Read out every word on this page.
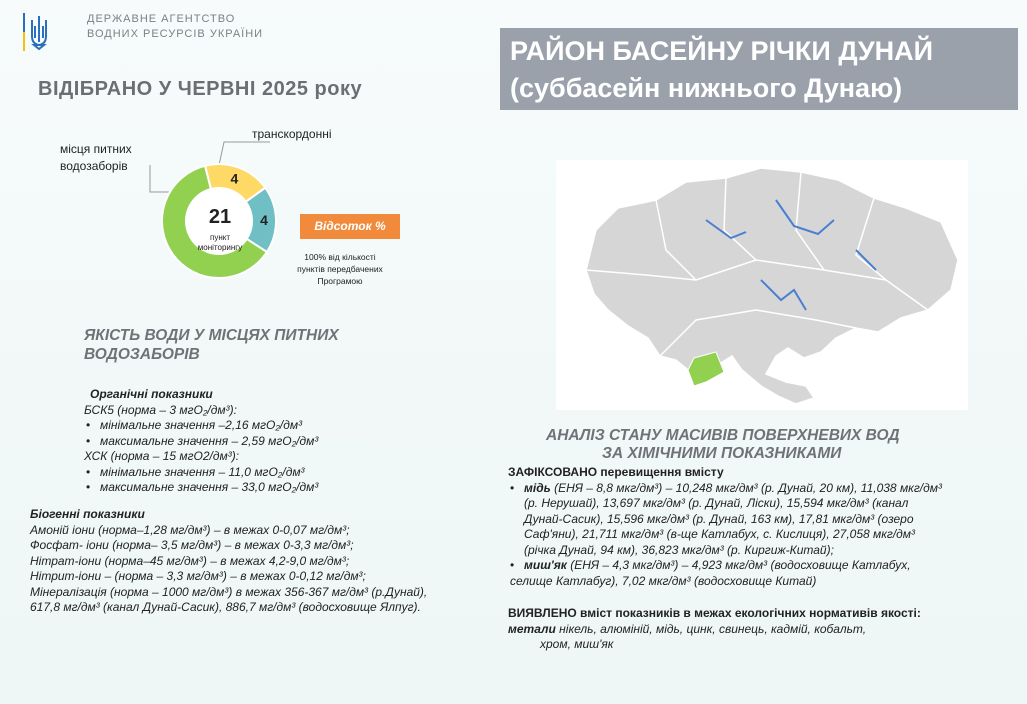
ДЕРЖАВНЕ АГЕНТСТВО
ВОДНИХ РЕСУРСІВ УКРАЇНИ
РАЙОН БАСЕЙНУ РІЧКИ ДУНАЙ
(суббасейн нижнього Дунаю)
ВІДІБРАНО У ЧЕРВНІ 2025 року
місця питних
водозаборів
транскордонні
4
4
21
пункт
моніторингу
Відсоток %
100% від кількості
пунктів передбачених
Програмою
ЯКІСТЬ ВОДИ У МІСЦЯХ ПИТНИХ
ВОДОЗАБОРІВ
Органічні показники
БСК5 (норма – 3 мгО₂/дм³):
• мінімальне значення –2,16 мгО₂/дм³
• максимальне значення – 2,59 мгО₂/дм³
ХСК (норма – 15 мгО2/дм³):
• мінімальне значення – 11,0 мгО₂/дм³
• максимальне значення – 33,0 мгО₂/дм³
Біогенні показники
Амоній іони (норма–1,28 мг/дм³) – в межах 0-0,07 мг/дм³;
Фосфат- іони (норма– 3,5 мг/дм³) – в межах 0-3,3 мг/дм³;
Нітрат-іони (норма–45 мг/дм³) – в межах 4,2-9,0 мг/дм³;
Нітрит-іони – (норма – 3,3 мг/дм³) – в межах 0-0,12 мг/дм³;
Мінералізація (норма – 1000 мг/дм³) в межах 356-367 мг/дм³ (р.Дунай),
617,8 мг/дм³ (канал Дунай-Сасик), 886,7 мг/дм³ (водосховище Ялпуг).
АНАЛІЗ СТАНУ МАСИВІВ ПОВЕРХНЕВИХ ВОД
ЗА ХІМІЧНИМИ ПОКАЗНИКАМИ
ЗАФІКСОВАНО перевищення вмісту
• мідь (ЕНЯ – 8,8 мкг/дм³) – 10,248 мкг/дм³ (р. Дунай, 20 км), 11,038 мкг/дм³
(р. Нерушай), 13,697 мкг/дм³ (р. Дунай, Ліски), 15,594 мкг/дм³ (канал
Дунай-Сасик), 15,596 мкг/дм³ (р. Дунай, 163 км), 17,81 мкг/дм³ (озеро
Саф'яни), 21,711 мкг/дм³ (в-ще Катлабух, с. Кислиця), 27,058 мкг/дм³
(річка Дунай, 94 км), 36,823 мкг/дм³ (р. Киргиж-Китай);
• миш'як (ЕНЯ – 4,3 мкг/дм³) – 4,923 мкг/дм³ (водосховище Катлабух,
селище Катлабуг), 7,02 мкг/дм³ (водосховище Китай)
ВИЯВЛЕНО вміст показників в межах екологічних нормативів якості:
метали нікель, алюміній, мідь, цинк, свинець, кадмій, кобальт,
хром, миш'як
